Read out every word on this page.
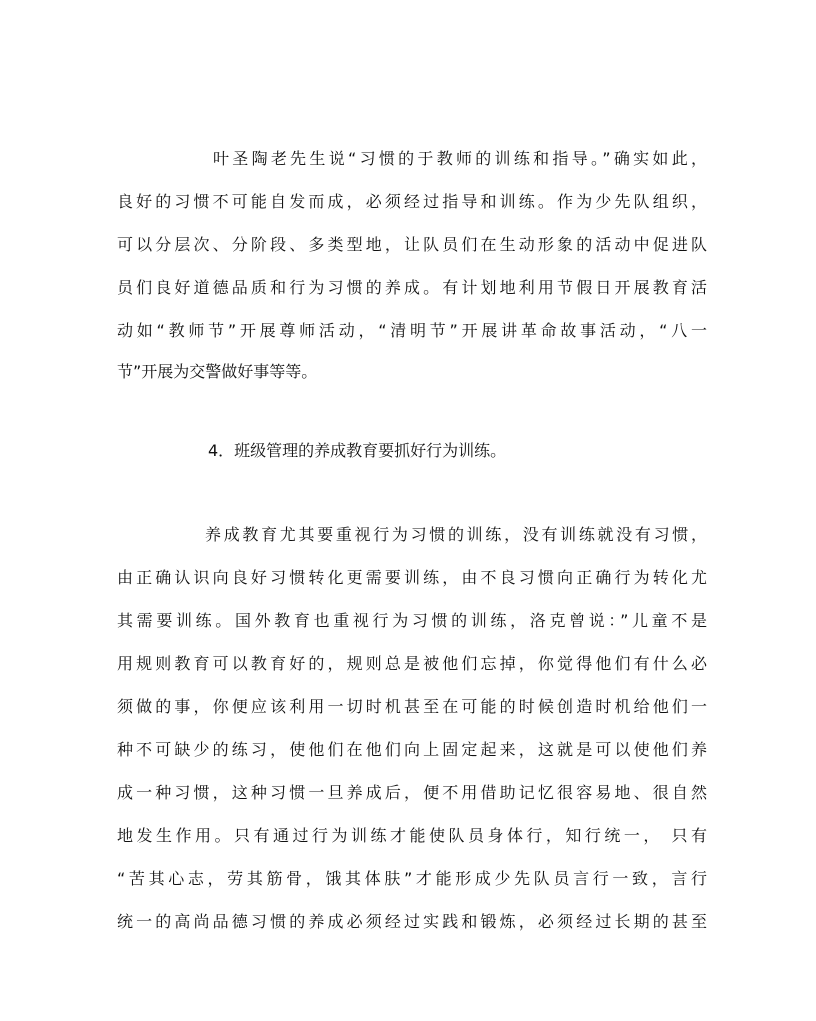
叶圣陶老先生说“习惯的于教师的训练和指导。”确实如此，
良好的习惯不可能自发而成，必须经过指导和训练。作为少先队组织，
可以分层次、分阶段、多类型地，让队员们在生动形象的活动中促进队
员们良好道德品质和行为习惯的养成。有计划地利用节假日开展教育活
动如“教师节”开展尊师活动，“清明节”开展讲革命故事活动，“八一
节”开展为交警做好事等等。
4．班级管理的养成教育要抓好行为训练。
养成教育尤其要重视行为习惯的训练，没有训练就没有习惯，
由正确认识向良好习惯转化更需要训练，由不良习惯向正确行为转化尤
其需要训练。国外教育也重视行为习惯的训练，洛克曾说：”儿童不是
用规则教育可以教育好的，规则总是被他们忘掉，你觉得他们有什么必
须做的事，你便应该利用一切时机甚至在可能的时候创造时机给他们一
种不可缺少的练习，使他们在他们向上固定起来，这就是可以使他们养
成一种习惯，这种习惯一旦养成后，便不用借助记忆很容易地、很自然
地发生作用。只有通过行为训练才能使队员身体行，知行统一， 只有
“苦其心志，劳其筋骨，饿其体肤”才能形成少先队员言行一致，言行
统一的高尚品德习惯的养成必须经过实践和锻炼，必须经过长期的甚至
